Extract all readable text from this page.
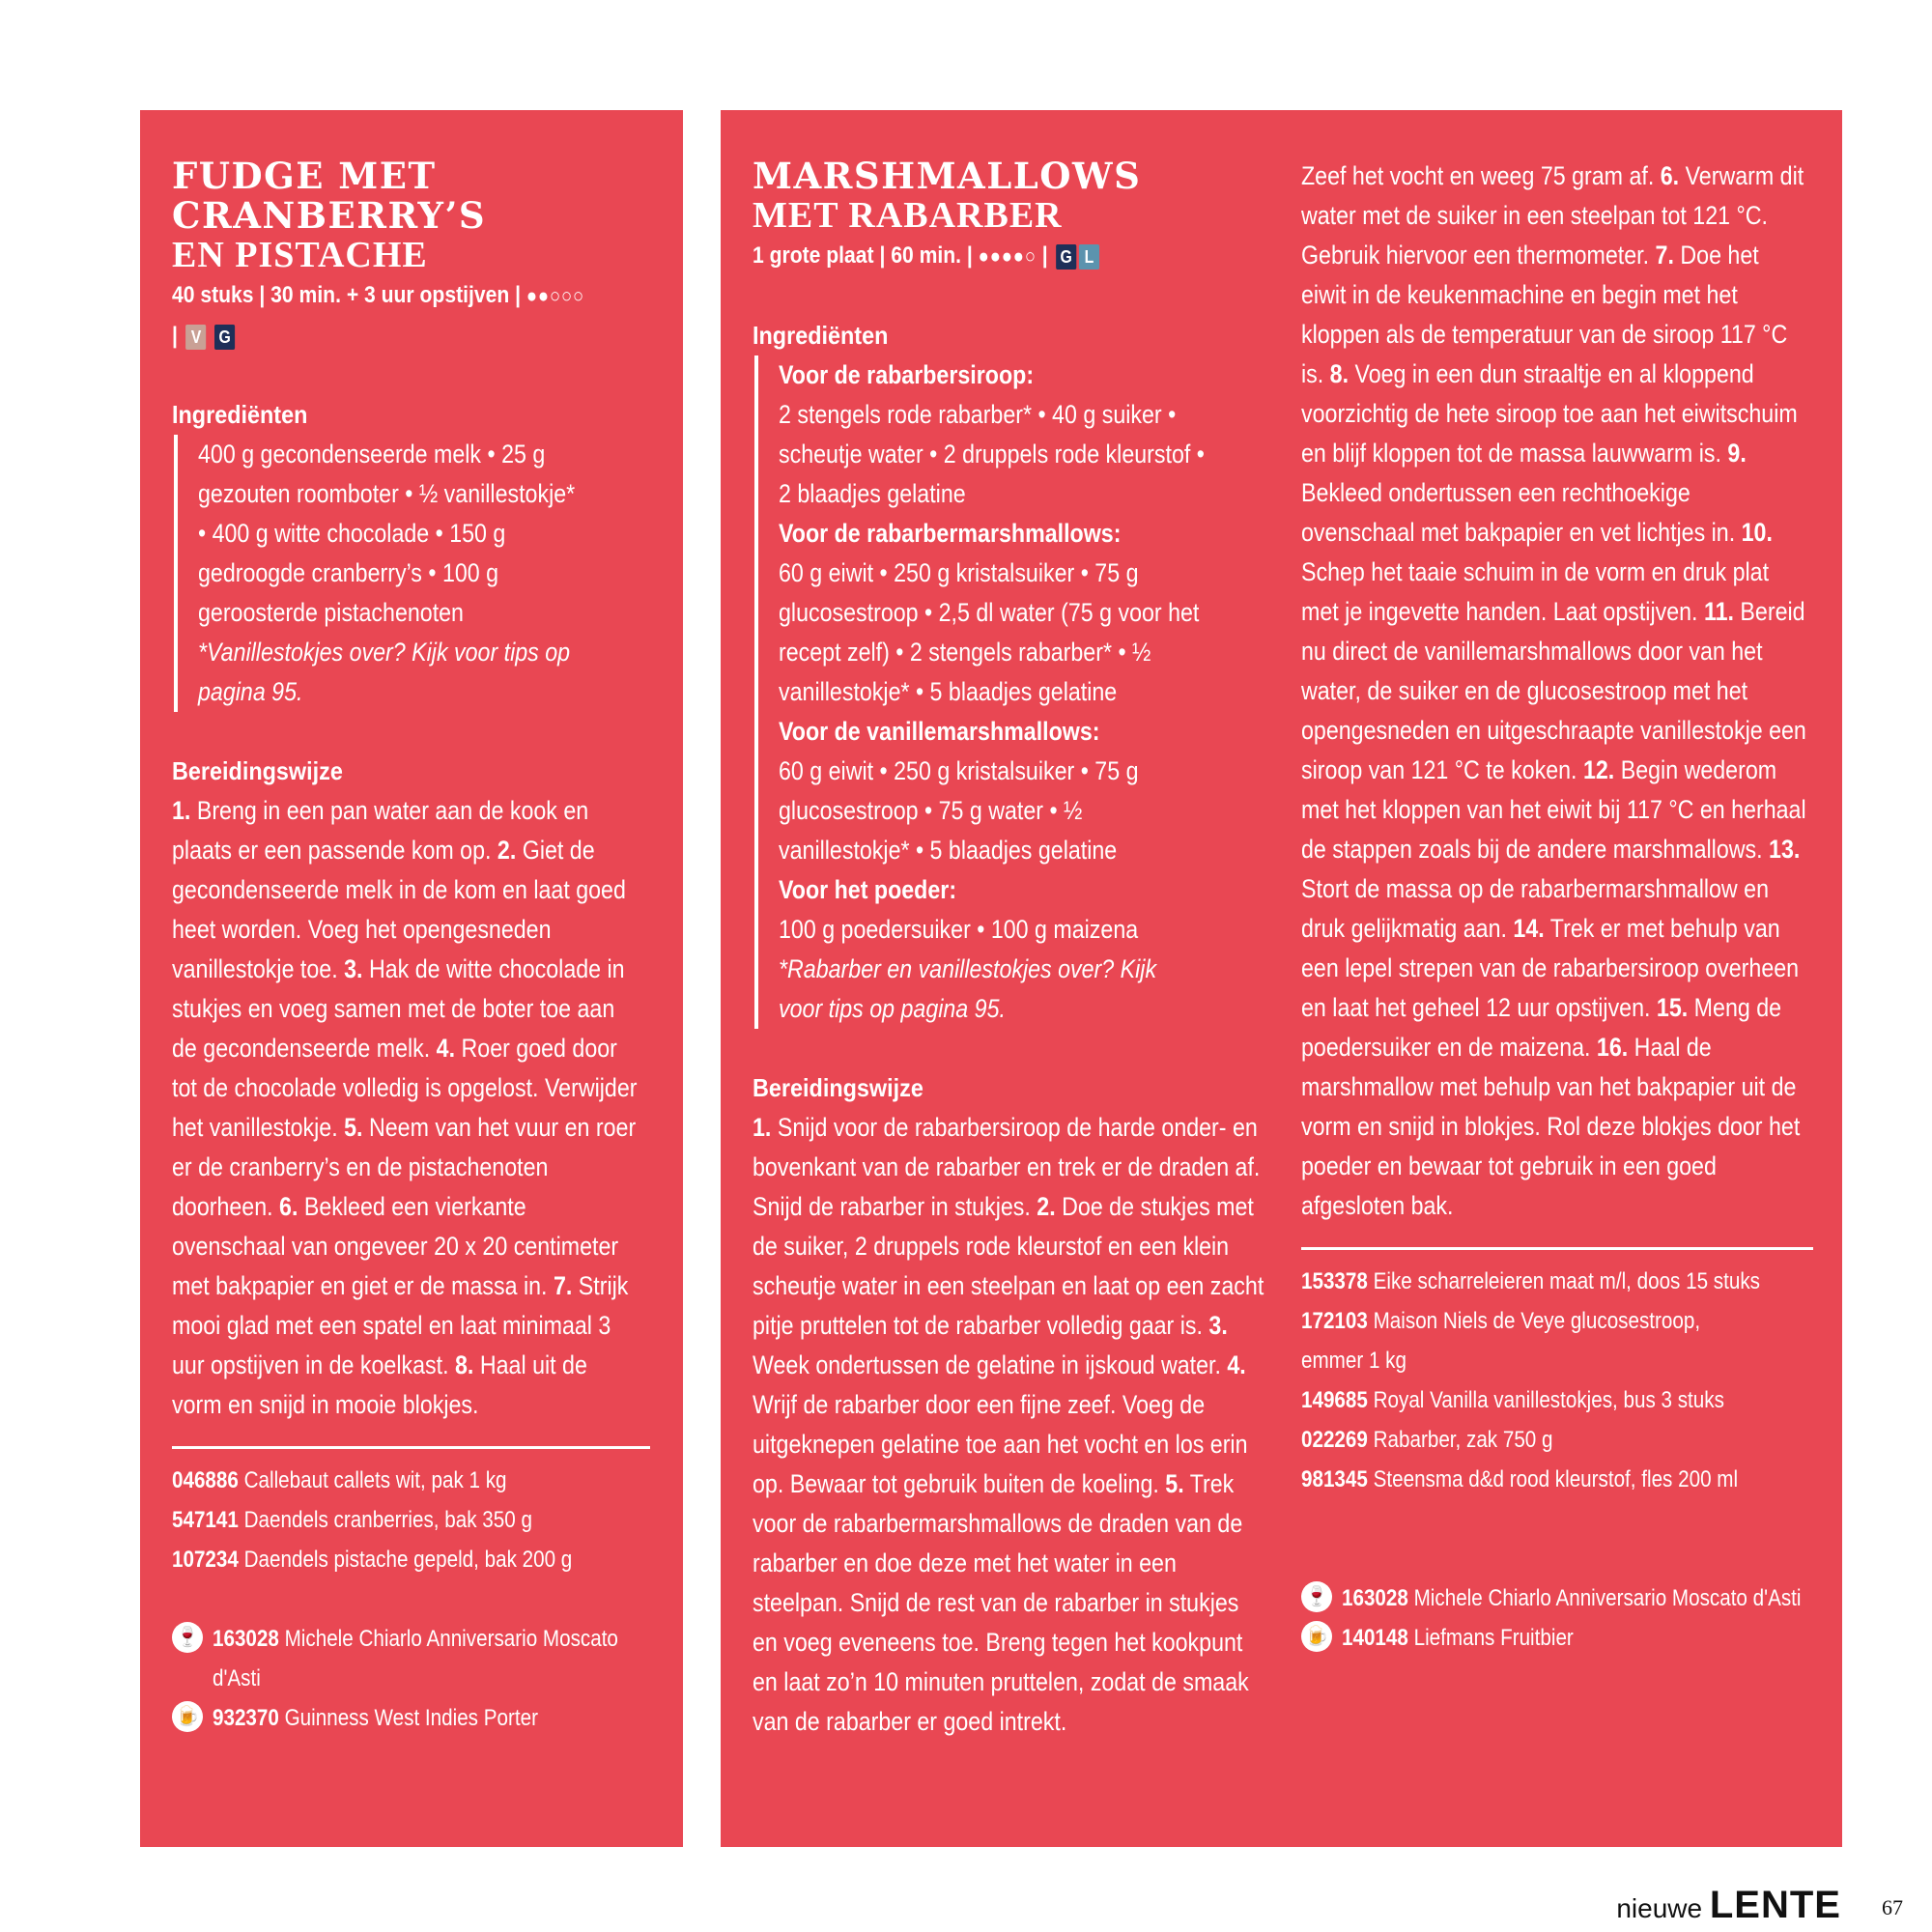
FUDGE MET CRANBERRY’S
EN PISTACHE
40 stuks | 30 min. + 3 uur opstijven | ●●○○○
| V G
Ingrediënten

400 g gecondenseerde melk • 25 g gezouten roomboter • ½ vanillestokje* • 400 g witte chocolade • 150 g gedroogde cranberry’s • 100 g geroosterde pistachenoten

*Vanillestokjes over? Kijk voor tips op pagina 95.

Bereidingswijze
1. Breng in een pan water aan de kook en plaats er een passende kom op. 2. Giet de gecondenseerde melk in de kom en laat goed heet worden. Voeg het opengesneden vanillestokje toe. 3. Hak de witte chocolade in stukjes en voeg samen met de boter toe aan de gecondenseerde melk. 4. Roer goed door tot de chocolade volledig is opgelost. Verwijder het vanillestokje. 5. Neem van het vuur en roer er de cranberry’s en de pistachenoten doorheen. 6. Bekleed een vierkante ovenschaal van ongeveer 20 x 20 centimeter met bakpapier en giet er de massa in. 7. Strijk mooi glad met een spatel en laat minimaal 3 uur opstijven in de koelkast. 8. Haal uit de vorm en snijd in mooie blokjes.
046886 Callebaut callets wit, pak 1 kg
547141 Daendels cranberries, bak 350 g
107234 Daendels pistache gepeld, bak 200 g
🍷 163028 Michele Chiarlo Anniversario Moscato d'Asti
🍺 932370 Guinness West Indies Porter
MARSHMALLOWS
MET RABARBER
1 grote plaat | 60 min. | ●●●●○ | G L
Ingrediënten

Voor de rabarbersiroop:

2 stengels rode rabarber* • 40 g suiker • scheutje water • 2 druppels rode kleurstof • 2 blaadjes gelatine

Voor de rabarbermarshmallows:

60 g eiwit • 250 g kristalsuiker • 75 g glucosestroop • 2,5 dl water (75 g voor het recept zelf) • 2 stengels rabarber* • ½ vanillestokje* • 5 blaadjes gelatine

Voor de vanillemarshmallows:

60 g eiwit • 250 g kristalsuiker • 75 g glucosestroop • 75 g water • ½ vanillestokje* • 5 blaadjes gelatine

Voor het poeder:

100 g poedersuiker • 100 g maizena

*Rabarber en vanillestokjes over? Kijk voor tips op pagina 95.

Bereidingswijze
1. Snijd voor de rabarbersiroop de harde onder- en bovenkant van de rabarber en trek er de draden af. Snijd de rabarber in stukjes. 2. Doe de stukjes met de suiker, 2 druppels rode kleurstof en een klein scheutje water in een steelpan en laat op een zacht pitje pruttelen tot de rabarber volledig gaar is. 3. Week ondertussen de gelatine in ijskoud water. 4. Wrijf de rabarber door een fijne zeef. Voeg de uitgeknepen gelatine toe aan het vocht en los erin op. Bewaar tot gebruik buiten de koeling. 5. Trek voor de rabarbermarshmallows de draden van de rabarber en doe deze met het water in een steelpan. Snijd de rest van de rabarber in stukjes en voeg eveneens toe. Breng tegen het kookpunt en laat zo’n 10 minuten pruttelen, zodat de smaak van de rabarber er goed intrekt.
Zeef het vocht en weeg 75 gram af. 6. Verwarm dit water met de suiker in een steelpan tot 121 °C. Gebruik hiervoor een thermometer. 7. Doe het eiwit in de keukenmachine en begin met het kloppen als de temperatuur van de siroop 117 °C is. 8. Voeg in een dun straaltje en al kloppend voorzichtig de hete siroop toe aan het eiwitschuim en blijf kloppen tot de massa lauwwarm is. 9. Bekleed ondertussen een rechthoekige ovenschaal met bakpapier en vet lichtjes in. 10. Schep het taaie schuim in de vorm en druk plat met je ingevette handen. Laat opstijven. 11. Bereid nu direct de vanillemarshmallows door van het water, de suiker en de glucosestroop met het opengesneden en uitgeschraapte vanillestokje een siroop van 121 °C te koken. 12. Begin wederom met het kloppen van het eiwit bij 117 °C en herhaal de stappen zoals bij de andere marshmallows. 13. Stort de massa op de rabarbermarshmallow en druk gelijkmatig aan. 14. Trek er met behulp van een lepel strepen van de rabarbersiroop overheen en laat het geheel 12 uur opstijven. 15. Meng de poedersuiker en de maizena. 16. Haal de marshmallow met behulp van het bakpapier uit de vorm en snijd in blokjes. Rol deze blokjes door het poeder en bewaar tot gebruik in een goed afgesloten bak.
153378 Eike scharreleieren maat m/l, doos 15 stuks
172103 Maison Niels de Veye glucosestroop, emmer 1 kg
149685 Royal Vanilla vanillestokjes, bus 3 stuks
022269 Rabarber, zak 750 g
981345 Steensma d&d rood kleurstof, fles 200 ml
🍷 163028 Michele Chiarlo Anniversario Moscato d'Asti
🍺 140148 Liefmans Fruitbier
nieuwe LENTE 67
